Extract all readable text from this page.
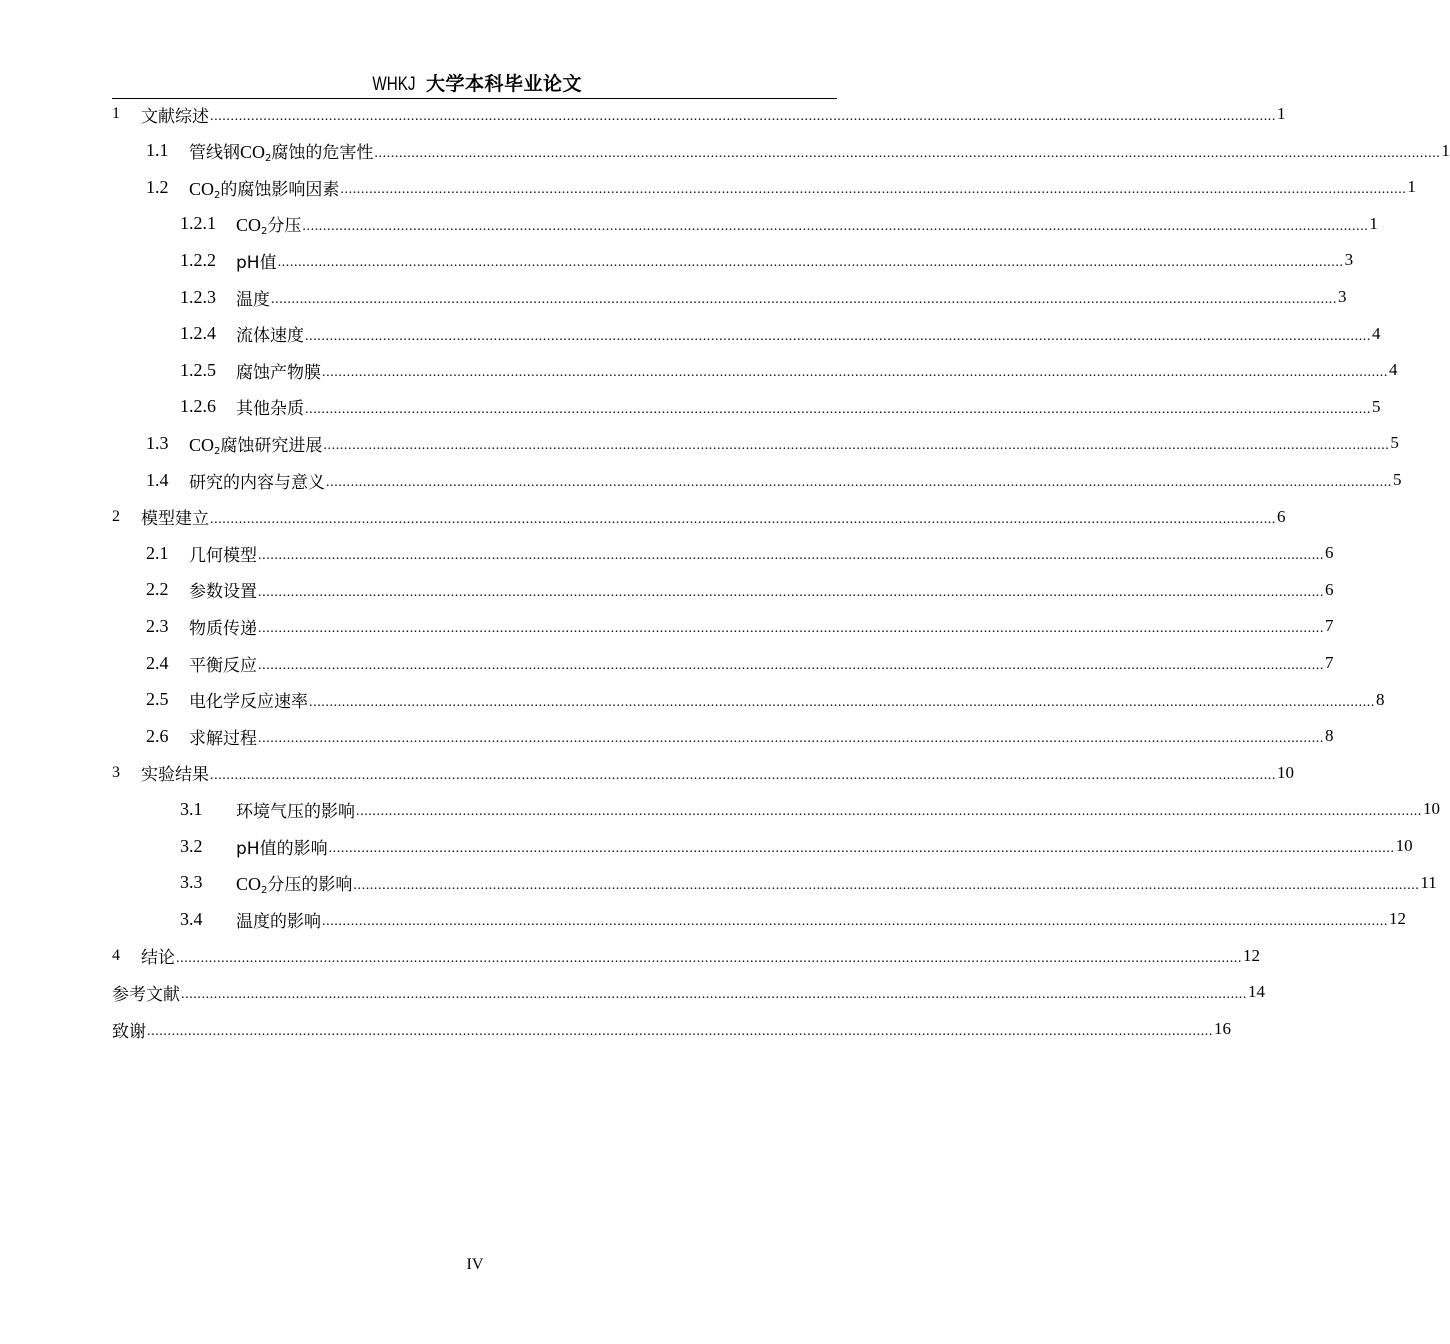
WHKJ 大学本科毕业论文
1	文献综述 .................................................................................................................................................................................................................................................................... 1
1.1	管线钢$CO_2$腐蚀的危害性 .................................................................................................................................................................................................................................................................... 1
1.2	$CO_2$的腐蚀影响因素 .................................................................................................................................................................................................................................................................... 1
1.2.1	$CO_2$分压 .................................................................................................................................................................................................................................................................... 1
1.2.2	pH值 .................................................................................................................................................................................................................................................................... 3
1.2.3	温度 .................................................................................................................................................................................................................................................................... 3
1.2.4	流体速度 .................................................................................................................................................................................................................................................................... 4
1.2.5	腐蚀产物膜 .................................................................................................................................................................................................................................................................... 4
1.2.6	其他杂质 .................................................................................................................................................................................................................................................................... 5
1.3	$CO_2$腐蚀研究进展 .................................................................................................................................................................................................................................................................... 5
1.4	研究的内容与意义 .................................................................................................................................................................................................................................................................... 5
2	模型建立 .................................................................................................................................................................................................................................................................... 6
2.1	几何模型 .................................................................................................................................................................................................................................................................... 6
2.2	参数设置 .................................................................................................................................................................................................................................................................... 6
2.3	物质传递 .................................................................................................................................................................................................................................................................... 7
2.4	平衡反应 .................................................................................................................................................................................................................................................................... 7
2.5	电化学反应速率 .................................................................................................................................................................................................................................................................... 8
2.6	求解过程 .................................................................................................................................................................................................................................................................... 8
3	实验结果 .................................................................................................................................................................................................................................................................... 10
3.1	环境气压的影响 .................................................................................................................................................................................................................................................................... 10
3.2	pH值的影响 .................................................................................................................................................................................................................................................................... 10
3.3	$CO_2$分压的影响 .................................................................................................................................................................................................................................................................... 11
3.4	温度的影响 .................................................................................................................................................................................................................................................................... 12
4	结论 .................................................................................................................................................................................................................................................................... 12
参考文献 .................................................................................................................................................................................................................................................................... 14
致谢 .................................................................................................................................................................................................................................................................... 16
IV
